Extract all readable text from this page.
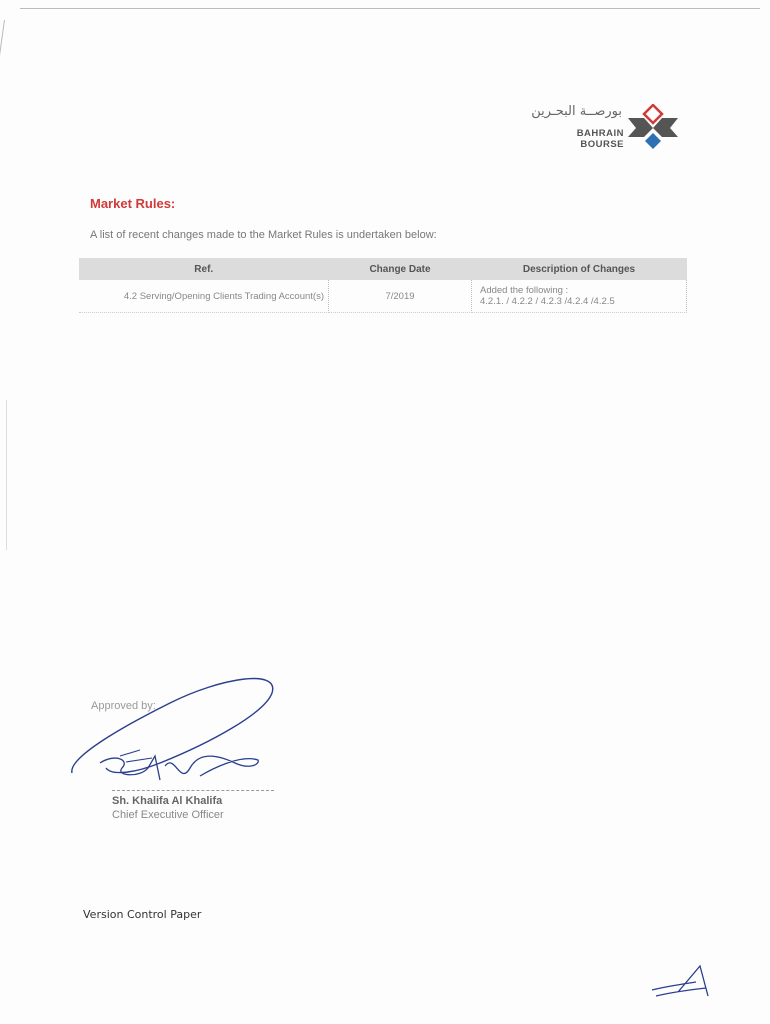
بورصــة البحـرين
BAHRAIN BOURSE
Market Rules:
A list of recent changes made to the Market Rules is undertaken below:
Ref.	Change Date	Description of Changes
4.2 Serving/Opening Clients Trading Account(s)	7/2019	Added the following :
4.2.1. / 4.2.2 / 4.2.3 /4.2.4 /4.2.5
Approved by:
Sh. Khalifa Al Khalifa
Chief Executive Officer
Version Control Paper
